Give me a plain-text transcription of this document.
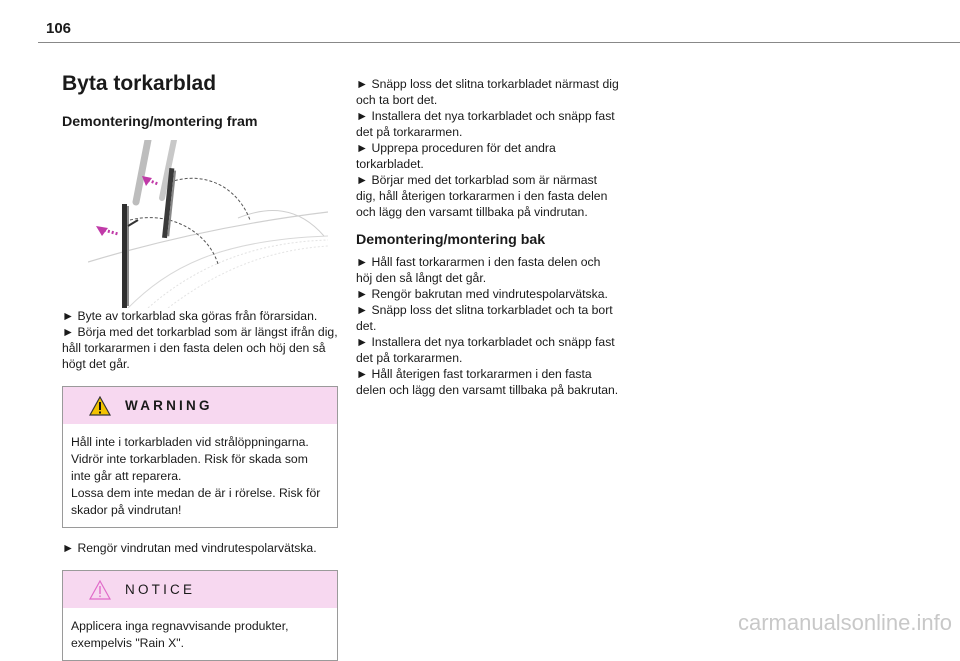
106
Byta torkarblad
Demontering/montering fram

► Byte av torkarblad ska göras från förarsidan.

► Börja med det torkarblad som är längst ifrån dig, håll torkararmen i den fasta delen och höj den så högt det går.

WARNING
Håll inte i torkarbladen vid strålöppningarna. Vidrör inte torkarbladen. Risk för skada som inte går att reparera.
Lossa dem inte medan de är i rörelse. Risk för skador på vindrutan!

► Rengör vindrutan med vindrutespolarvätska.

NOTICE
Applicera inga regnavvisande produkter, exempelvis "Rain X".

► Snäpp loss det slitna torkarbladet närmast dig och ta bort det.

► Installera det nya torkarbladet och snäpp fast det på torkararmen.

► Upprepa proceduren för det andra torkarbladet.

► Börjar med det torkarblad som är närmast dig, håll återigen torkararmen i den fasta delen och lägg den varsamt tillbaka på vindrutan.

Demontering/montering bak

► Håll fast torkararmen i den fasta delen och höj den så långt det går.

► Rengör bakrutan med vindrutespolarvätska.

► Snäpp loss det slitna torkarbladet och ta bort det.

► Installera det nya torkarbladet och snäpp fast det på torkararmen.

► Håll återigen fast torkararmen i den fasta delen och lägg den varsamt tillbaka på bakrutan.

carmanualsonline.info
